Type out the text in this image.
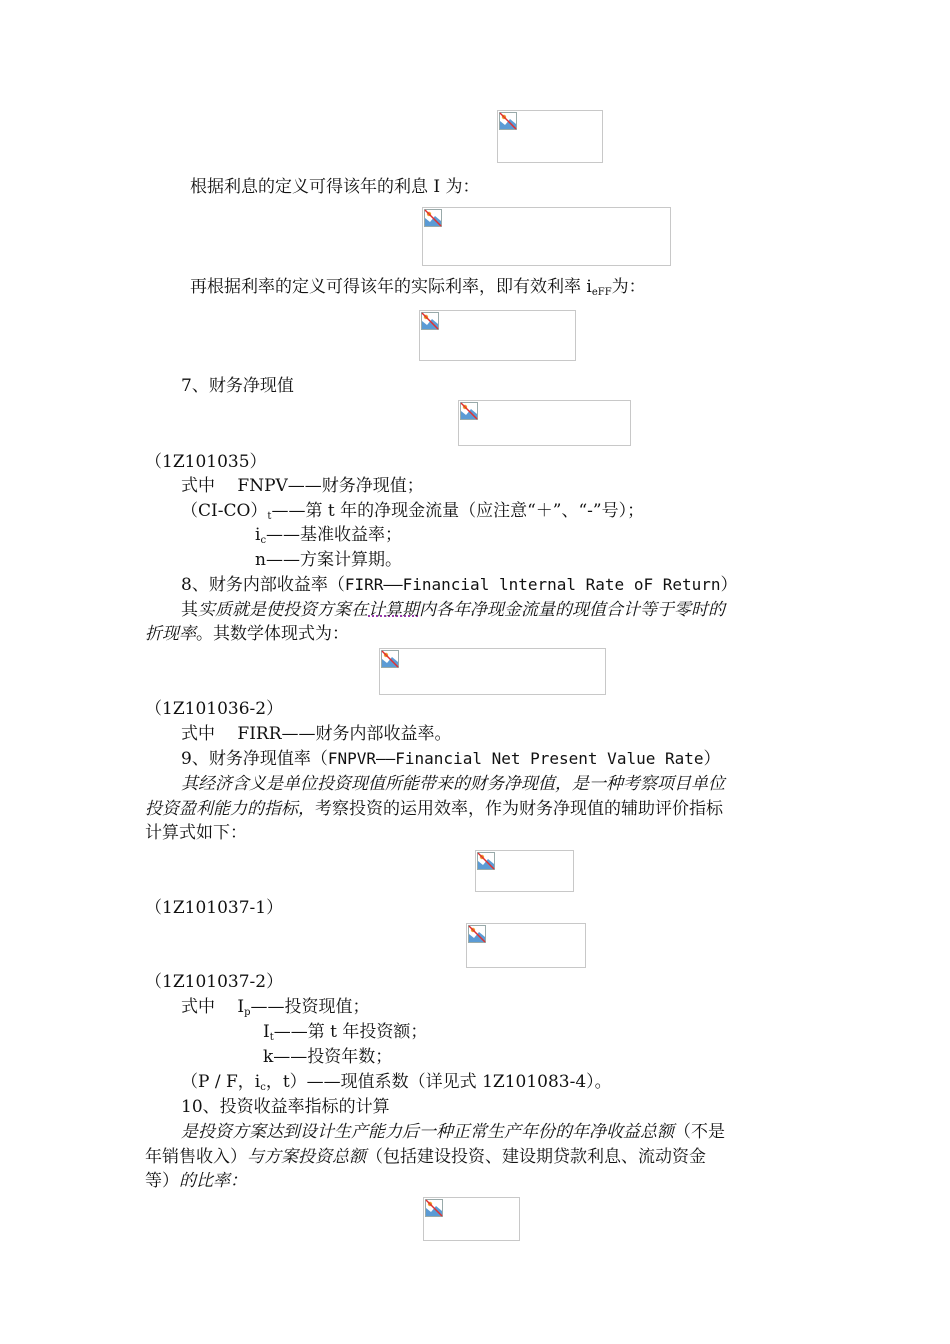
根据利息的定义可得该年的利息 I 为：
再根据利率的定义可得该年的实际利率，即有效利率 $i_{eFF}$为：
7、财务净现值
（1Z101035）
式中　 FNPV——财务净现值；
$(CI-CO)_t——$第 t 年的净现金流量（应注意“＋”、“-”号）；
$i_c——$基准收益率；
n——方案计算期。
8、财务内部收益率（FIRR——Financial lnternal Rate oF Return）
其实质就是使投资方案在计算期内各年净现金流量的现值合计等于零时的
折现率。其数学体现式为：
（1Z101036-2）
式中　 FIRR——财务内部收益率。
9、财务净现值率（FNPVR——Financial Net Present Value Rate）
其经济含义是单位投资现值所能带来的财务净现值，是一种考察项目单位
投资盈利能力的指标，考察投资的运用效率，作为财务净现值的辅助评价指标
计算式如下：
（1Z101037-1）
（1Z101037-2）
式中　 $I_p——$投资现值；
$I_t——$第 t 年投资额；
k——投资年数；
（P / F，$i_c$，t）——现值系数（详见式 1Z101083-4）。
10、投资收益率指标的计算
是投资方案达到设计生产能力后一种正常生产年份的年净收益总额（不是
年销售收入）与方案投资总额（包括建设投资、建设期贷款利息、流动资金
等）的比率：
